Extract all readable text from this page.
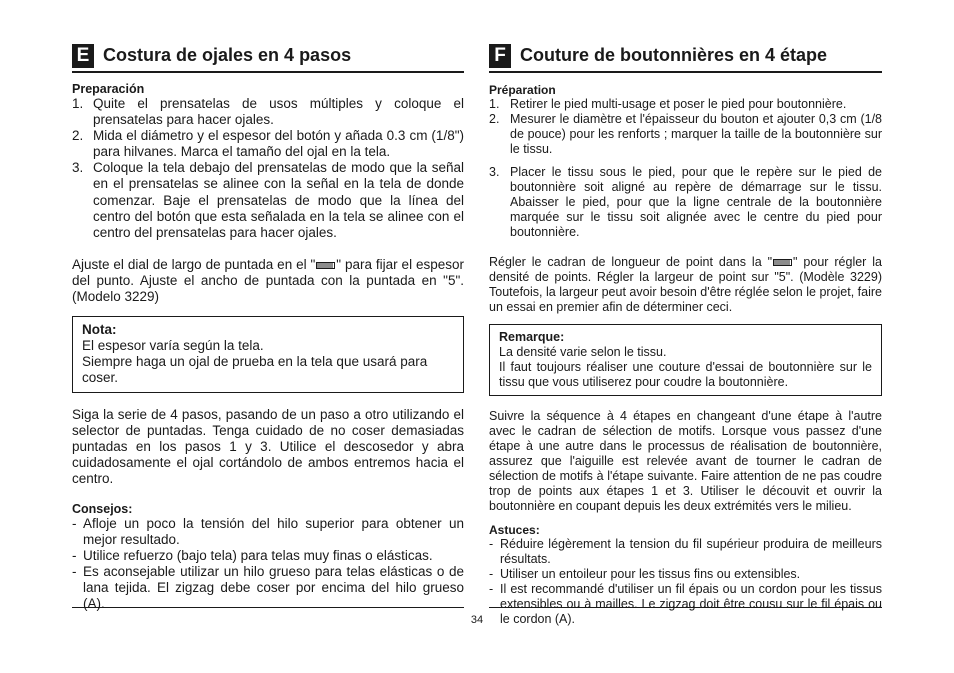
E Costura de ojales en 4 pasos
Preparación
1. Quite el prensatelas de usos múltiples y coloque el prensatelas para hacer ojales.
2. Mida el diámetro y el espesor del botón y añada 0.3 cm (1/8") para hilvanes. Marca el tamaño del ojal en la tela.
3. Coloque la tela debajo del prensatelas de modo que la señal en el prensatelas se alinee con la señal en la tela de donde comenzar. Baje el prensatelas de modo que la línea del centro del botón que esta señalada en la tela se alinee con el centro del prensatelas para hacer ojales.

Ajuste el dial de largo de puntada en el " " para fijar el espesor del punto. Ajuste el ancho de puntada con la puntada en "5". (Modelo 3229)

Nota:
El espesor varía según la tela.
Siempre haga un ojal de prueba en la tela que usará para coser.

Siga la serie de 4 pasos, pasando de un paso a otro utilizando el selector de puntadas. Tenga cuidado de no coser demasiadas puntadas en los pasos 1 y 3. Utilice el descosedor y abra cuidadosamente el ojal cortándolo de ambos entremos hacia el centro.

Consejos:
- Afloje un poco la tensión del hilo superior para obtener un mejor resultado.
- Utilice refuerzo (bajo tela) para telas muy finas o elásticas.
- Es aconsejable utilizar un hilo grueso para telas elásticas o de lana tejida. El zigzag debe coser por encima del hilo grueso (A).
F Couture de boutonnières en 4 étape
Préparation
1. Retirer le pied multi-usage et poser le pied pour boutonnière.
2. Mesurer le diamètre et l'épaisseur du bouton et ajouter 0,3 cm (1/8 de pouce) pour les renforts ; marquer la taille de la boutonnière sur le tissu.
3. Placer le tissu sous le pied, pour que le repère sur le pied de boutonnière soit aligné au repère de démarrage sur le tissu. Abaisser le pied, pour que la ligne centrale de la boutonnière marquée sur le tissu soit alignée avec le centre du pied pour boutonnière.

Régler le cadran de longueur de point dans la " " pour régler la densité de points. Régler la largeur de point sur "5". (Modèle 3229) Toutefois, la largeur peut avoir besoin d'être réglée selon le projet, faire un essai en premier afin de déterminer ceci.

Remarque:
La densité varie selon le tissu.
Il faut toujours réaliser une couture d'essai de boutonnière sur le tissu que vous utiliserez pour coudre la boutonnière.

Suivre la séquence à 4 étapes en changeant d'une étape à l'autre avec le cadran de sélection de motifs. Lorsque vous passez d'une étape à une autre dans le processus de réalisation de boutonnière, assurez que l'aiguille est relevée avant de tourner le cadran de sélection de motifs à l'étape suivante. Faire attention de ne pas coudre trop de points aux étapes 1 et 3. Utiliser le découvit et ouvrir la boutonnière en coupant depuis les deux extrémités vers le milieu.

Astuces:
- Réduire légèrement la tension du fil supérieur produira de meilleurs résultats.
- Utiliser un entoileur pour les tissus fins ou extensibles.
- Il est recommandé d'utiliser un fil épais ou un cordon pour les tissus extensibles ou à mailles. Le zigzag doit être cousu sur le fil épais ou le cordon (A).
34
